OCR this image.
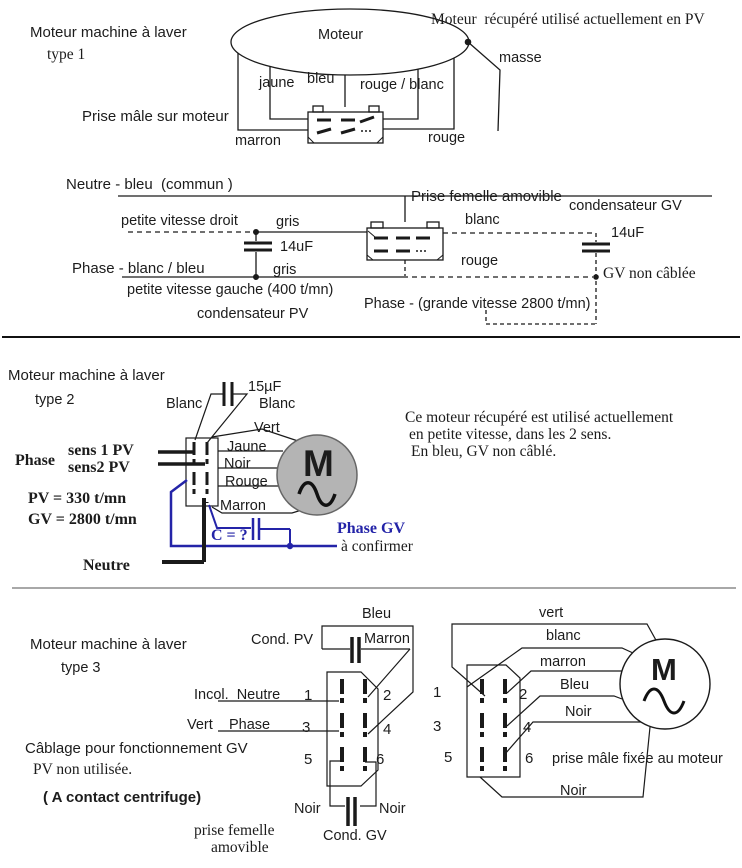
Moteur machine à laver
type 1
Moteur
Moteur  récupéré utilisé actuellement en PV
masse
jaune bleu rouge / blanc
Prise mâle sur moteur
marron	rouge
Neutre - bleu  (commun )
petite vitesse droit	gris
14uF
Phase - blanc / bleu	gris
petite vitesse gauche (400 t/mn)
condensateur PV
Prise femelle amovible
blanc
condensateur GV
14uF
rouge
GV non câblée
Phase - (grande vitesse 2800 t/mn)
Moteur machine à laver
type 2	Blanc
15µF
Blanc
Vert
Jaune
Noir
Rouge
Marron
Phase
sens 1 PV
sens2 PV
PV = 330 t/mn
GV = 2800 t/mn
Neutre
C = ?	Phase GV
à confirmer
M
Ce moteur récupéré est utilisé actuellement
en petite vitesse, dans les 2 sens.
En bleu, GV non câblé.
Moteur machine à laver
type 3
Cond. PV
Bleu
Marron
Incol.  Neutre
Vert Phase
1	2
3	4
5	6
Câblage pour fonctionnement GV
PV non utilisée.
( A contact centrifuge)
prise femelle
amovible
Noir	Noir
Cond. GV
vert
blanc
marron
Bleu
Noir
1	2
3	4
5	6 prise mâle fixée au moteur
Noir
M
